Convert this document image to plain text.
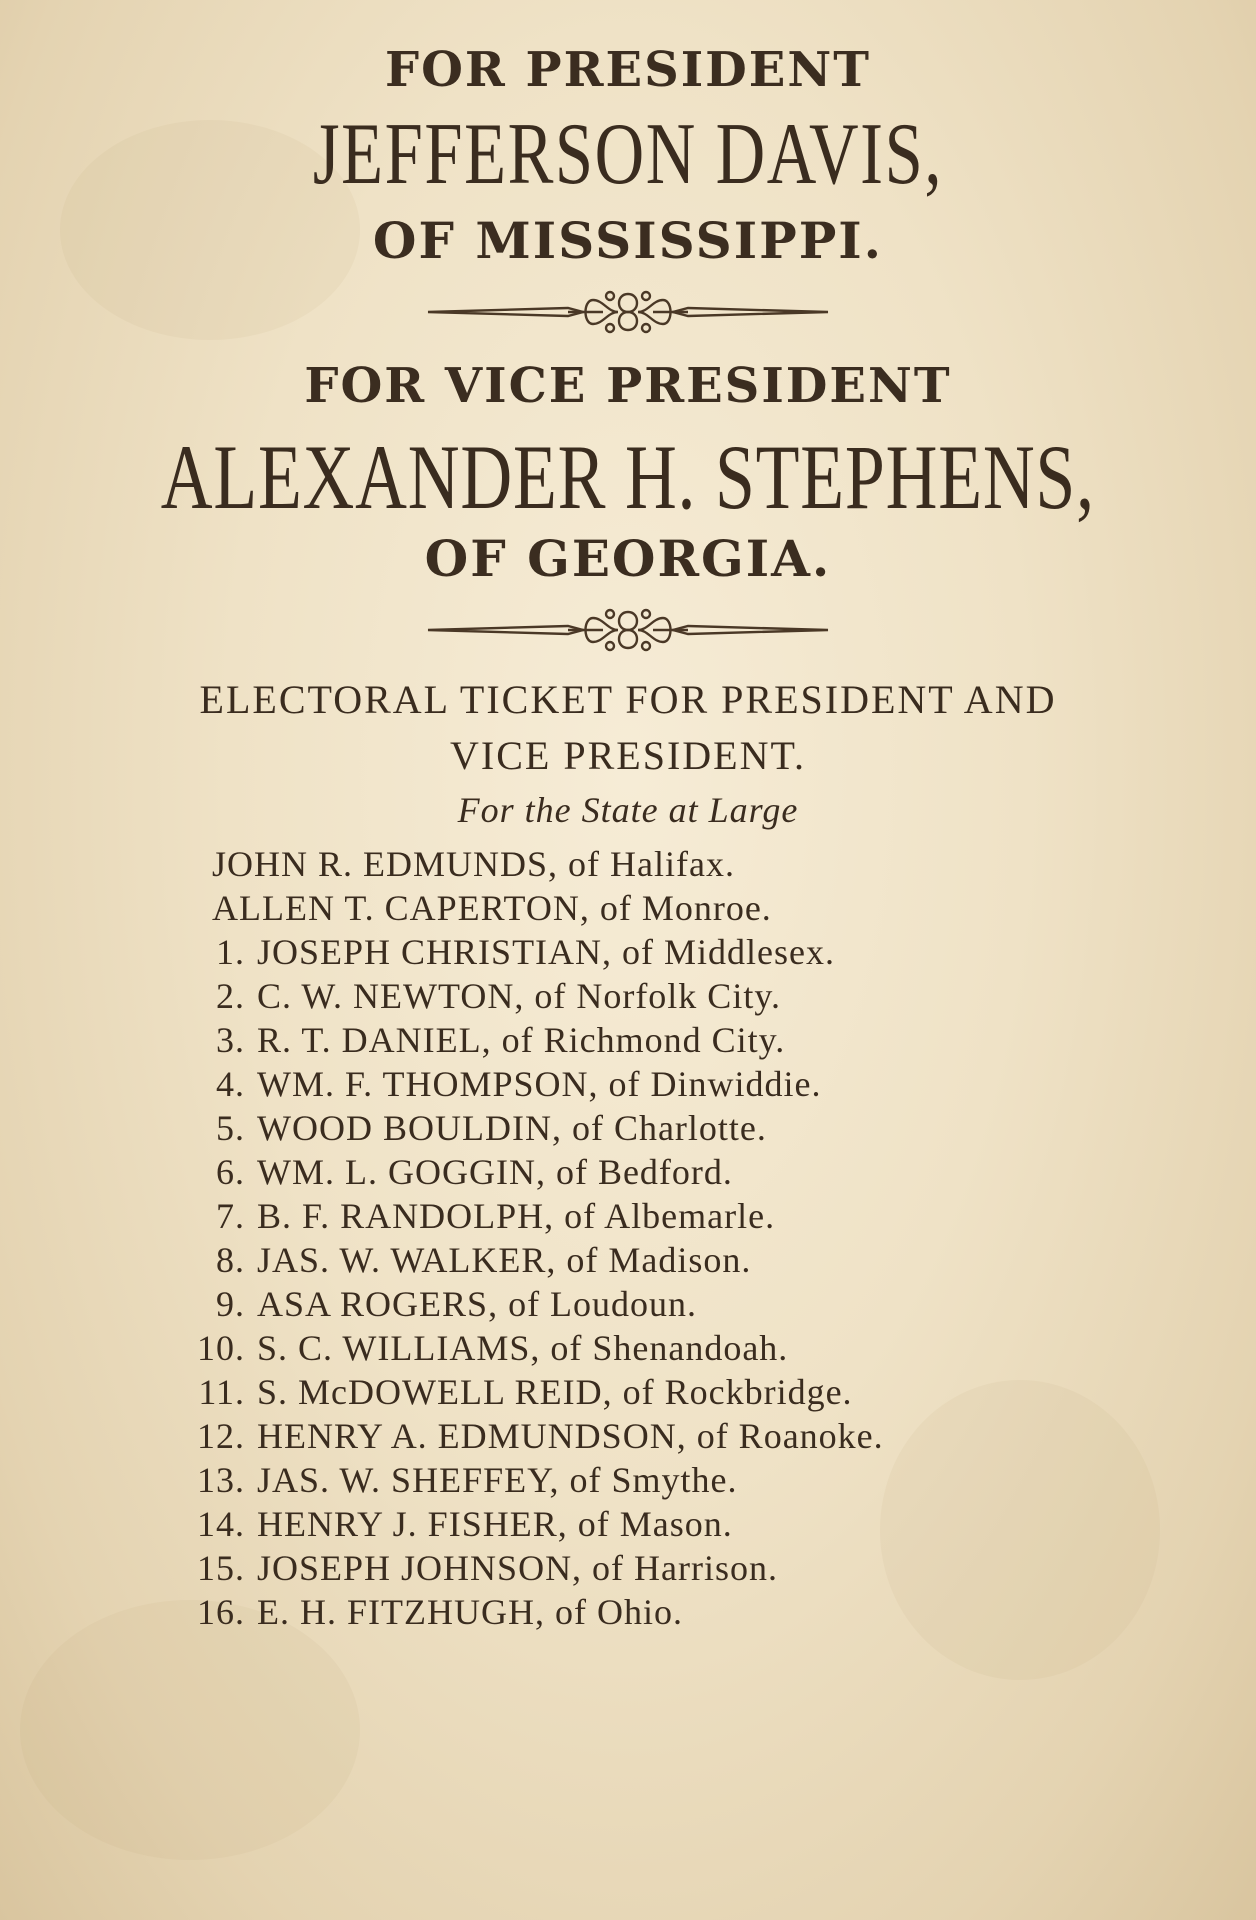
FOR PRESIDENT
JEFFERSON DAVIS,
OF MISSISSIPPI.
FOR VICE PRESIDENT
ALEXANDER H. STEPHENS,
OF GEORGIA.
ELECTORAL TICKET FOR PRESIDENT AND
VICE PRESIDENT.
For the State at Large
JOHN R. EDMUNDS, of Halifax.
ALLEN T. CAPERTON, of Monroe.
1. JOSEPH CHRISTIAN, of Middlesex.
2. C. W. NEWTON, of Norfolk City.
3. R. T. DANIEL, of Richmond City.
4. WM. F. THOMPSON, of Dinwiddie.
5. WOOD BOULDIN, of Charlotte.
6. WM. L. GOGGIN, of Bedford.
7. B. F. RANDOLPH, of Albemarle.
8. JAS. W. WALKER, of Madison.
9. ASA ROGERS, of Loudoun.
10. S. C. WILLIAMS, of Shenandoah.
11. S. McDOWELL REID, of Rockbridge.
12. HENRY A. EDMUNDSON, of Roanoke.
13. JAS. W. SHEFFEY, of Smythe.
14. HENRY J. FISHER, of Mason.
15. JOSEPH JOHNSON, of Harrison.
16. E. H. FITZHUGH, of Ohio.
